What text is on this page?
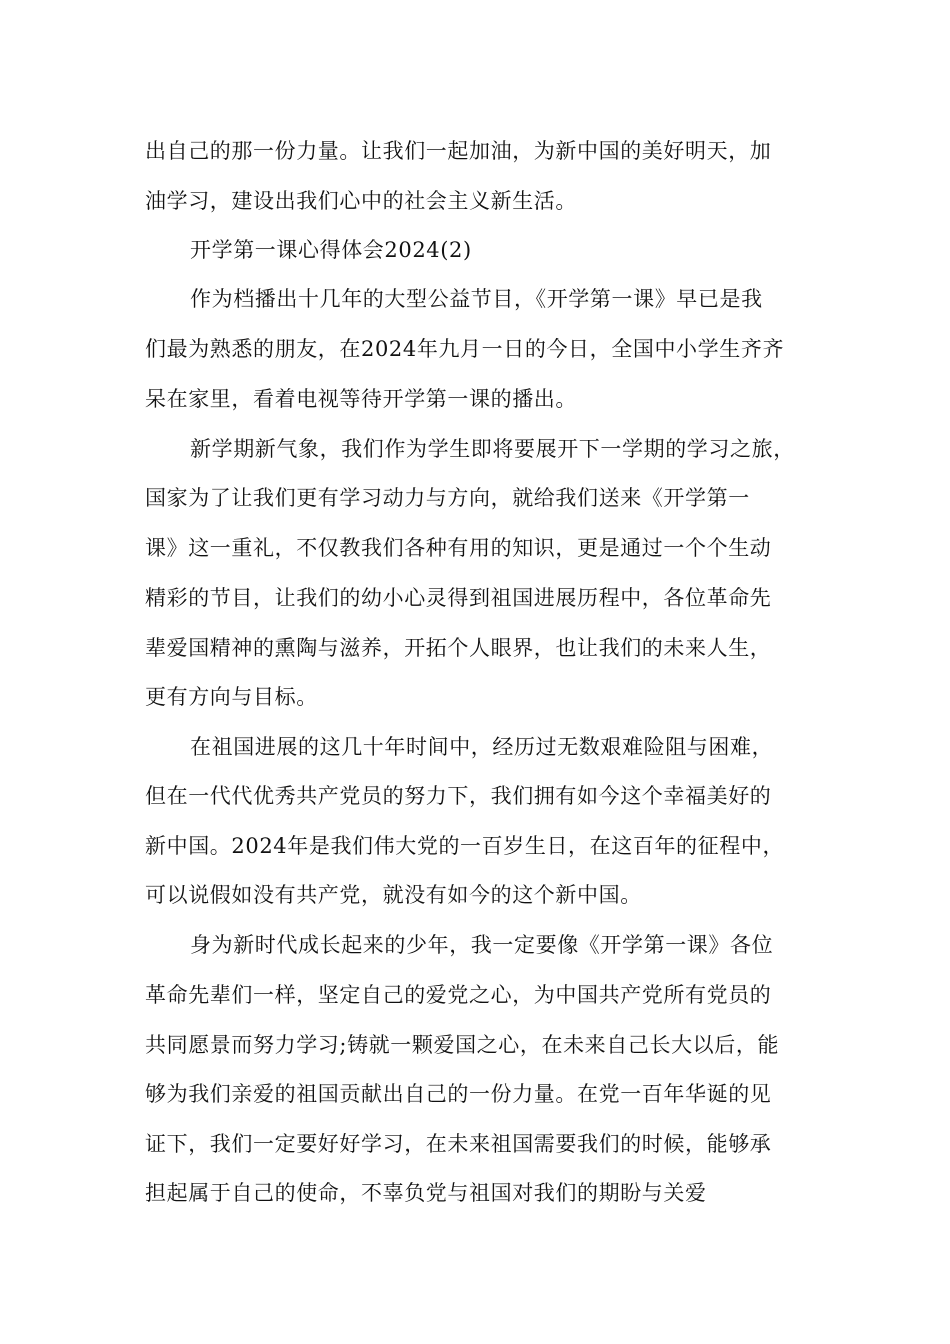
出自己的那一份力量。让我们一起加油，为新中国的美好明天，加
油学习，建设出我们心中的社会主义新生活。
开学第一课心得体会2024(2)
作为档播出十几年的大型公益节目，《开学第一课》早已是我
们最为熟悉的朋友，在2024年九月一日的今日，全国中小学生齐齐
呆在家里，看着电视等待开学第一课的播出。
新学期新气象，我们作为学生即将要展开下一学期的学习之旅，
国家为了让我们更有学习动力与方向，就给我们送来《开学第一
课》这一重礼，不仅教我们各种有用的知识，更是通过一个个生动
精彩的节目，让我们的幼小心灵得到祖国进展历程中，各位革命先
辈爱国精神的熏陶与滋养，开拓个人眼界，也让我们的未来人生，
更有方向与目标。
在祖国进展的这几十年时间中，经历过无数艰难险阻与困难，
但在一代代优秀共产党员的努力下，我们拥有如今这个幸福美好的
新中国。2024年是我们伟大党的一百岁生日，在这百年的征程中，
可以说假如没有共产党，就没有如今的这个新中国。
身为新时代成长起来的少年，我一定要像《开学第一课》各位
革命先辈们一样，坚定自己的爱党之心，为中国共产党所有党员的
共同愿景而努力学习;铸就一颗爱国之心，在未来自己长大以后，能
够为我们亲爱的祖国贡献出自己的一份力量。在党一百年华诞的见
证下，我们一定要好好学习，在未来祖国需要我们的时候，能够承
担起属于自己的使命，不辜负党与祖国对我们的期盼与关爱
